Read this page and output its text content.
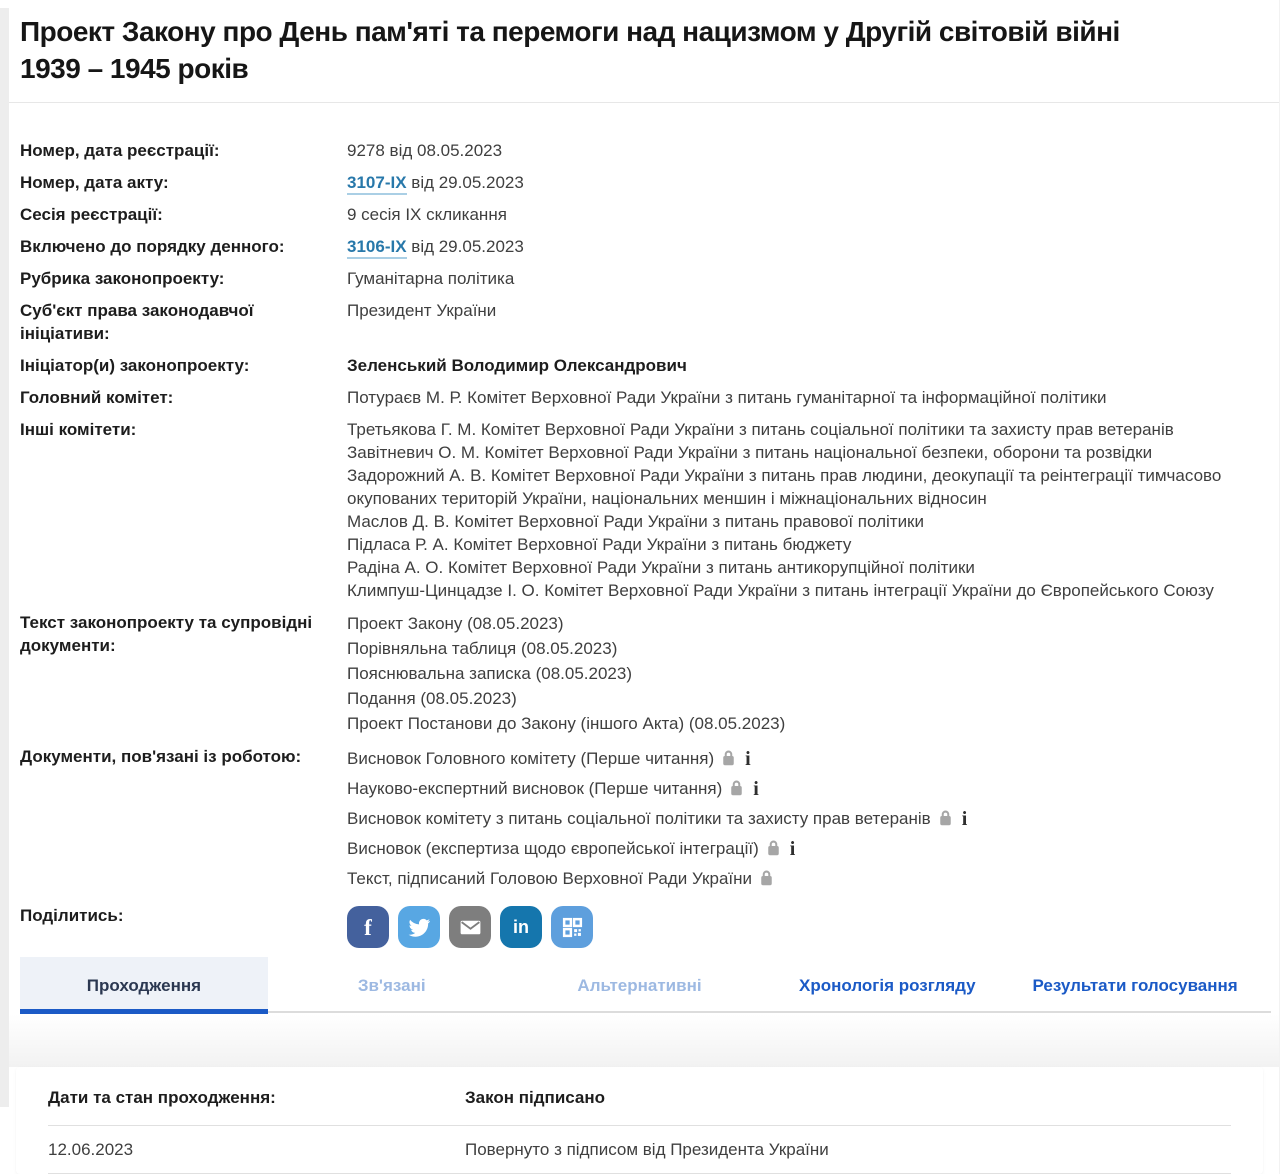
Проект Закону про День пам'яті та перемоги над нацизмом у Другій світовій війні
1939 – 1945 років
Номер, дата реєстрації:	9278 від 08.05.2023
Номер, дата акту:	3107-IX від 29.05.2023
Сесія реєстрації:	9 сесія IX скликання
Включено до порядку денного:	3106-IX від 29.05.2023
Рубрика законопроекту:	Гуманітарна політика
Суб'єкт права законодавчої ініціативи:
Президент України
Ініціатор(и) законопроекту:	Зеленський Володимир Олександрович
Головний комітет:	Потураєв М. Р. Комітет Верховної Ради України з питань гуманітарної та інформаційної політики
Інші комітети:	Третьякова Г. М. Комітет Верховної Ради України з питань соціальної політики та захисту прав ветеранів
Завітневич О. М. Комітет Верховної Ради України з питань національної безпеки, оборони та розвідки
Задорожний А. В. Комітет Верховної Ради України з питань прав людини, деокупації та реінтеграції тимчасово окупованих територій України, національних меншин і міжнаціональних відносин
Маслов Д. В. Комітет Верховної Ради України з питань правової політики
Підласа Р. А. Комітет Верховної Ради України з питань бюджету
Радіна А. О. Комітет Верховної Ради України з питань антикорупційної політики
Климпуш-Цинцадзе І. О. Комітет Верховної Ради України з питань інтеграції України до Європейського Союзу
Текст законопроекту та супровідні документи:
Проект Закону (08.05.2023)
Порівняльна таблиця (08.05.2023)
Пояснювальна записка (08.05.2023)
Подання (08.05.2023)
Проект Постанови до Закону (іншого Акта) (08.05.2023)
Документи, пов'язані із роботою:	Висновок Головного комітету (Перше читання) i
Науково-експертний висновок (Перше читання) i
Висновок комітету з питань соціальної політики та захисту прав ветеранів i
Висновок (експертиза щодо європейської інтеграції) i
Текст, підписаний Головою Верховної Ради України
Поділитись:	f	in
Проходження	Зв'язані	Альтернативні	Хронологія розгляду	Результати голосування
Дати та стан проходження:	Закон підписано
12.06.2023	Повернуто з підписом від Президента України
